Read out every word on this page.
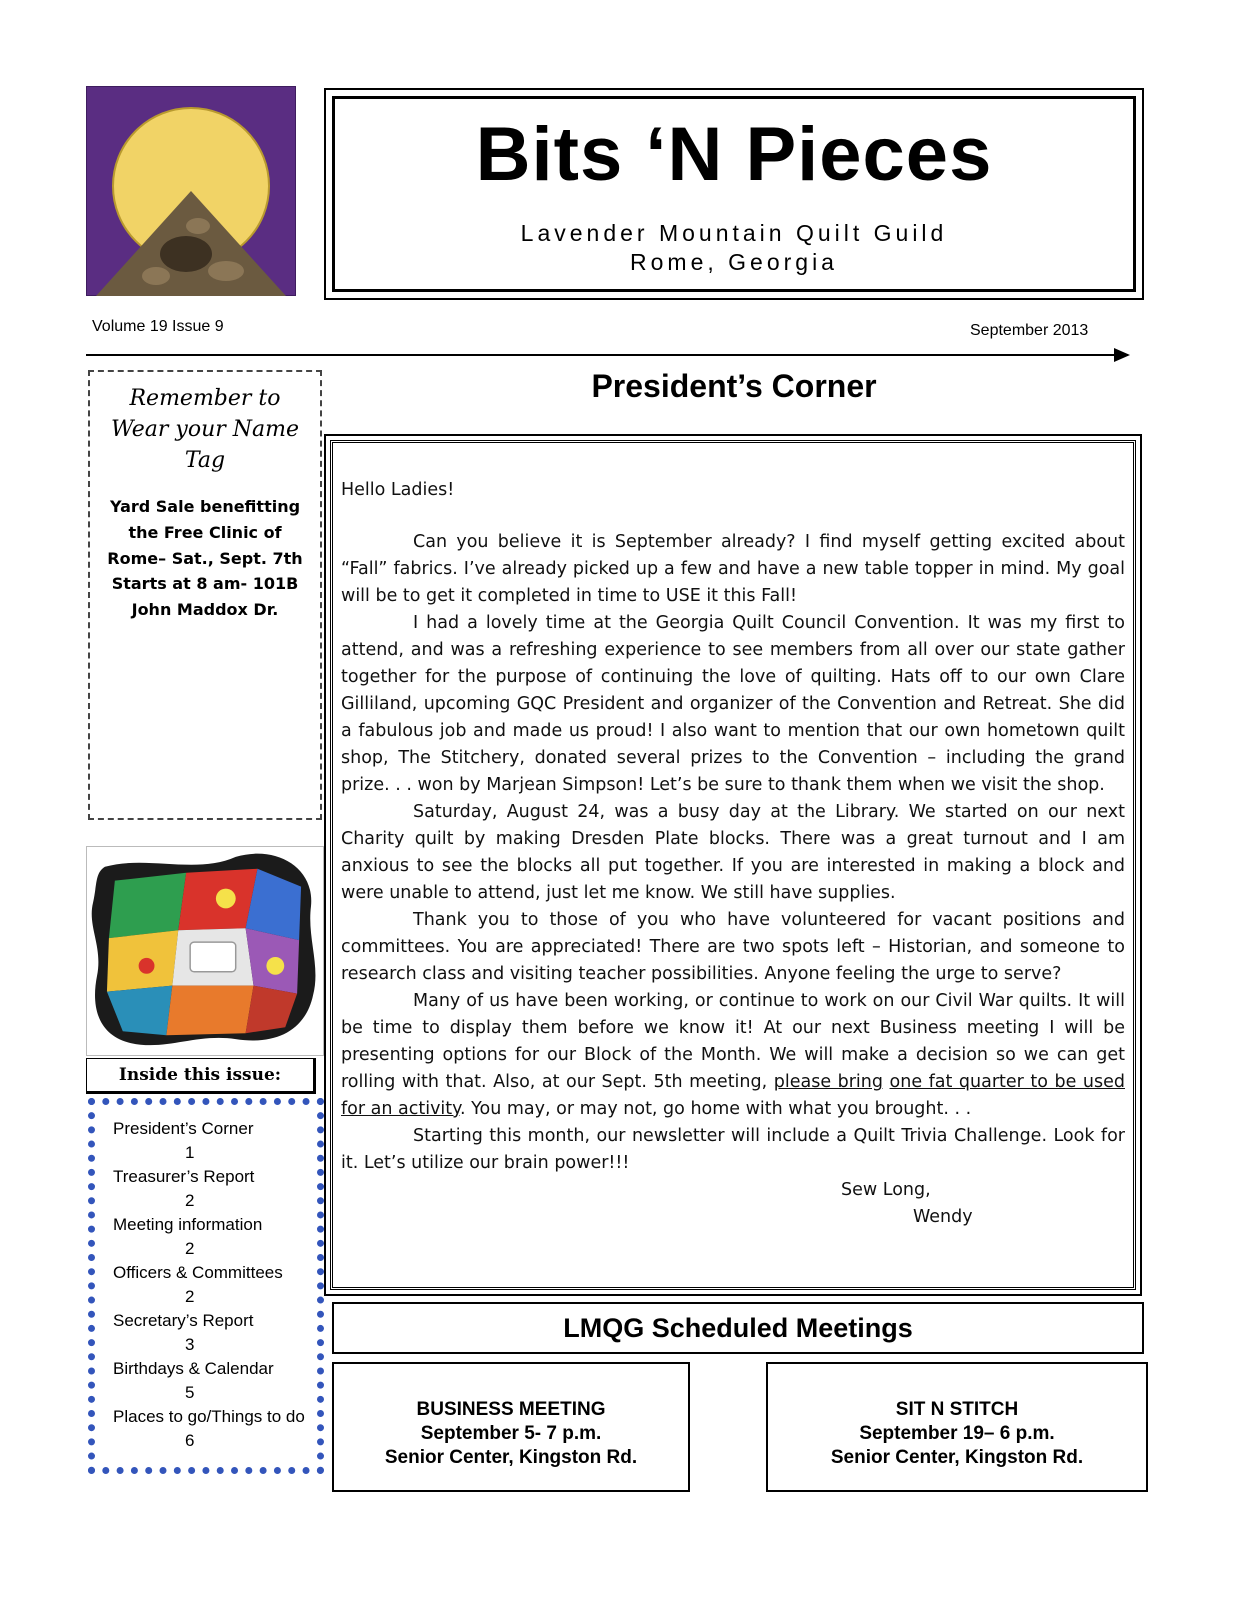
Bits ‘N Pieces
Lavender Mountain Quilt Guild
Rome, Georgia
Volume 19 Issue 9	September 2013
Remember to Wear your Name Tag
Yard Sale benefitting the Free Clinic of Rome– Sat., Sept. 7th Starts at 8 am- 101B John Maddox Dr.
Inside this issue:
President’s Corner
1
Treasurer’s Report
2
Meeting information
2
Officers & Committees
2
Secretary’s Report
3
Birthdays & Calendar
5
Places to go/Things to do
6
President’s Corner

Hello Ladies!

Can you believe it is September already? I find myself getting excited about “Fall” fabrics. I’ve already picked up a few and have a new table topper in mind. My goal will be to get it completed in time to USE it this Fall!

I had a lovely time at the Georgia Quilt Council Convention. It was my first to attend, and was a refreshing experience to see members from all over our state gather together for the purpose of continuing the love of quilting. Hats off to our own Clare Gilliland, upcoming GQC President and organizer of the Convention and Retreat. She did a fabulous job and made us proud! I also want to mention that our own hometown quilt shop, The Stitchery, donated several prizes to the Convention – including the grand prize. . . won by Marjean Simpson! Let’s be sure to thank them when we visit the shop.

Saturday, August 24, was a busy day at the Library. We started on our next Charity quilt by making Dresden Plate blocks. There was a great turnout and I am anxious to see the blocks all put together. If you are interested in making a block and were unable to attend, just let me know. We still have supplies.

Thank you to those of you who have volunteered for vacant positions and committees. You are appreciated! There are two spots left – Historian, and someone to research class and visiting teacher possibilities. Anyone feeling the urge to serve?

Many of us have been working, or continue to work on our Civil War quilts. It will be time to display them before we know it! At our next Business meeting I will be presenting options for our Block of the Month. We will make a decision so we can get rolling with that. Also, at our Sept. 5th meeting, please bring one fat quarter to be used for an activity. You may, or may not, go home with what you brought. . .

Starting this month, our newsletter will include a Quilt Trivia Challenge. Look for it. Let’s utilize our brain power!!!

Sew Long,
Wendy
LMQG Scheduled Meetings
BUSINESS MEETING
September 5- 7 p.m.
Senior Center, Kingston Rd.
SIT N STITCH
September 19– 6 p.m.
Senior Center, Kingston Rd.
